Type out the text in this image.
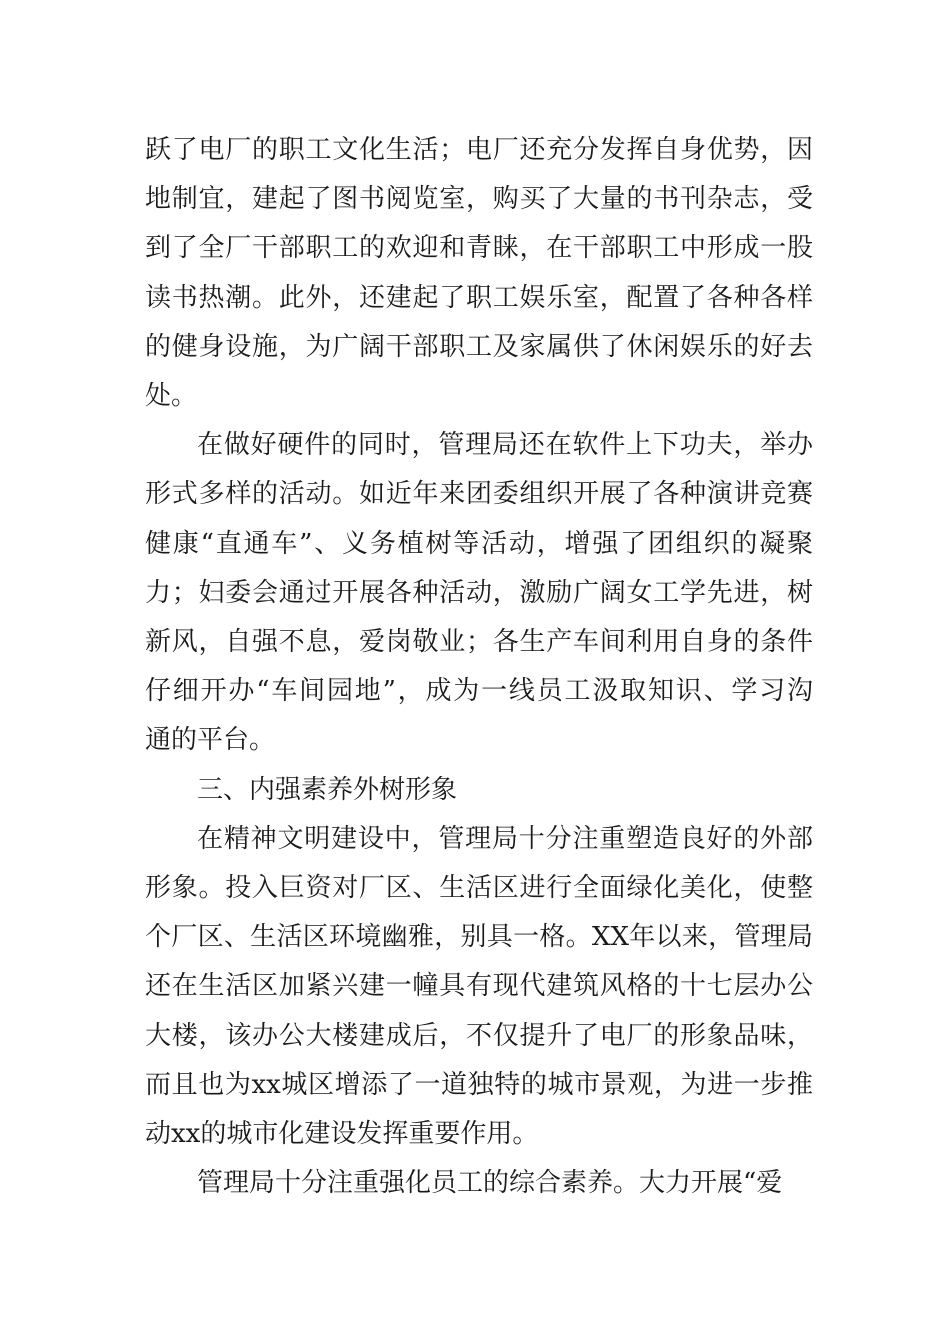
跃了电厂的职工文化生活；电厂还充分发挥自身优势，因
地制宜，建起了图书阅览室，购买了大量的书刊杂志，受
到了全厂干部职工的欢迎和青睐，在干部职工中形成一股
读书热潮。此外，还建起了职工娱乐室，配置了各种各样
的健身设施，为广阔干部职工及家属供了休闲娱乐的好去
处。

在做好硬件的同时，管理局还在软件上下功夫，举办
形式多样的活动。如近年来团委组织开展了各种演讲竞赛
健康“直通车”、义务植树等活动，增强了团组织的凝聚
力；妇委会通过开展各种活动，激励广阔女工学先进，树
新风，自强不息，爱岗敬业；各生产车间利用自身的条件
仔细开办“车间园地”，成为一线员工汲取知识、学习沟
通的平台。

三、内强素养外树形象

在精神文明建设中，管理局十分注重塑造良好的外部
形象。投入巨资对厂区、生活区进行全面绿化美化，使整
个厂区、生活区环境幽雅，别具一格。XX年以来，管理局
还在生活区加紧兴建一幢具有现代建筑风格的十七层办公
大楼，该办公大楼建成后，不仅提升了电厂的形象品味，
而且也为xx城区增添了一道独特的城市景观，为进一步推
动xx的城市化建设发挥重要作用。

管理局十分注重强化员工的综合素养。大力开展“爱
